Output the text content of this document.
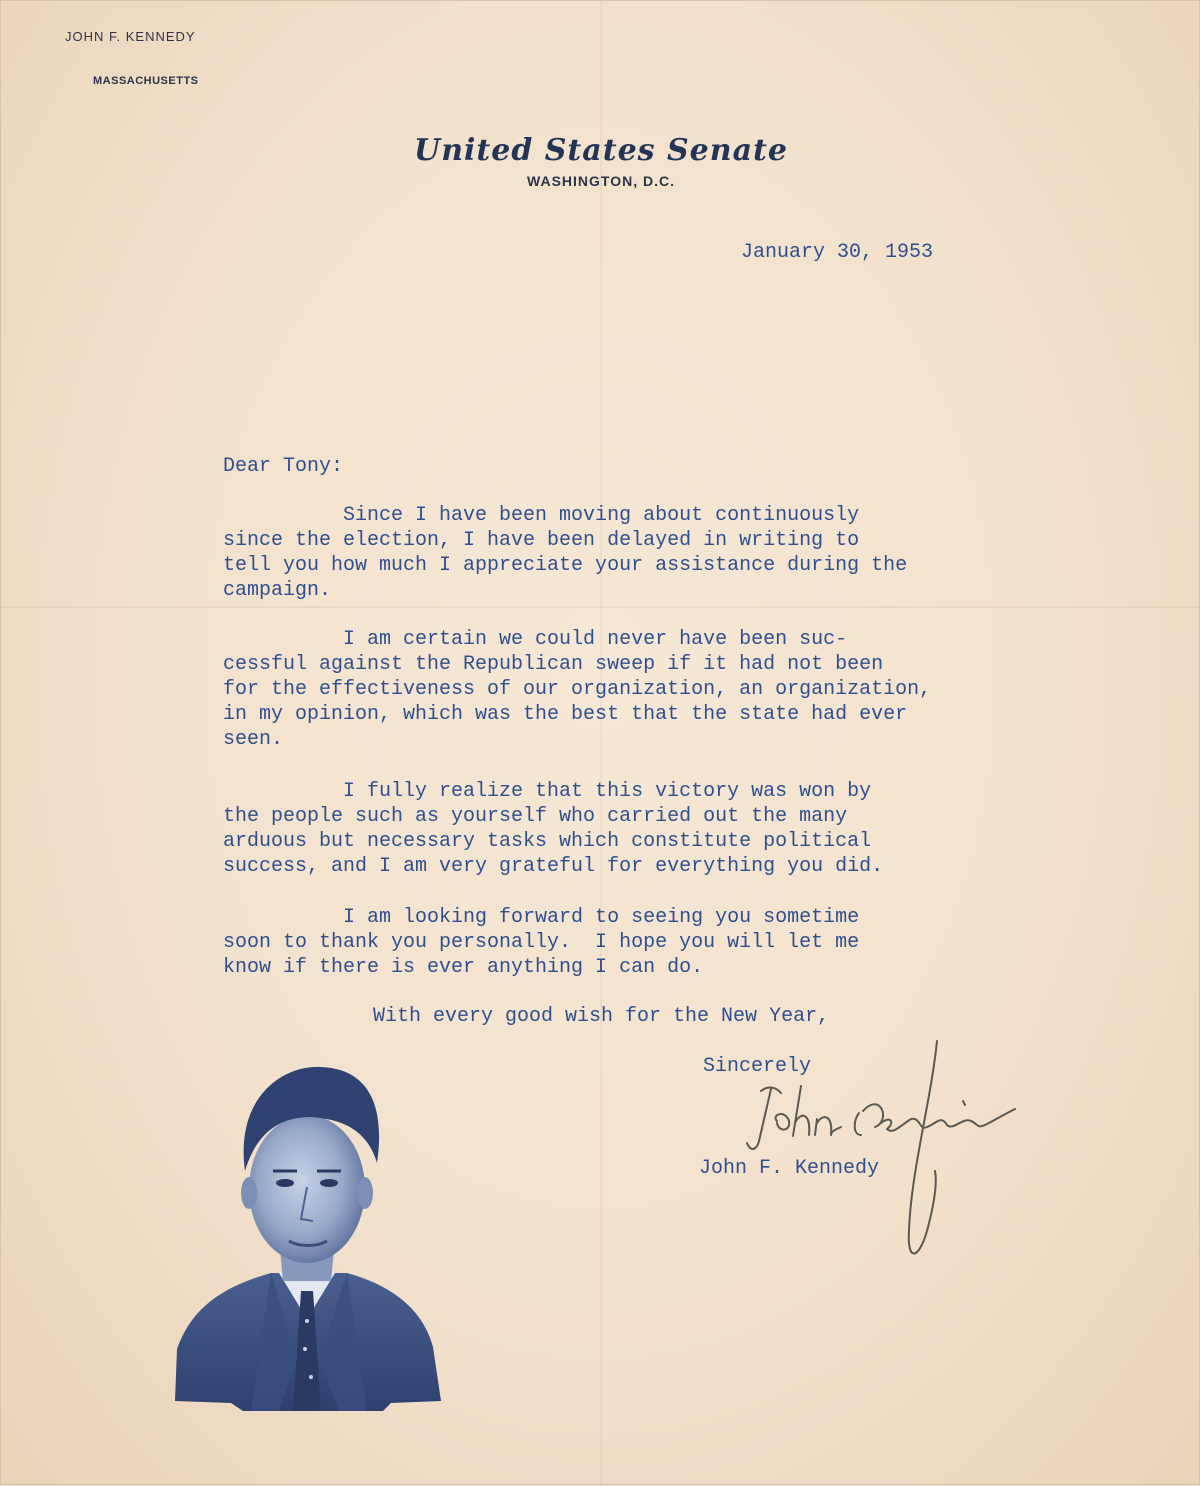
JOHN F. KENNEDY
MASSACHUSETTS
United States Senate
WASHINGTON, D.C.
January 30, 1953
Dear Tony:
Since I have been moving about continuously
since the election, I have been delayed in writing to
tell you how much I appreciate your assistance during the
campaign.
I am certain we could never have been suc-
cessful against the Republican sweep if it had not been
for the effectiveness of our organization, an organization,
in my opinion, which was the best that the state had ever
seen.
I fully realize that this victory was won by
the people such as yourself who carried out the many
arduous but necessary tasks which constitute political
success, and I am very grateful for everything you did.
I am looking forward to seeing you sometime
soon to thank you personally.  I hope you will let me
know if there is ever anything I can do.
With every good wish for the New Year,
Sincerely
John F. Kennedy
